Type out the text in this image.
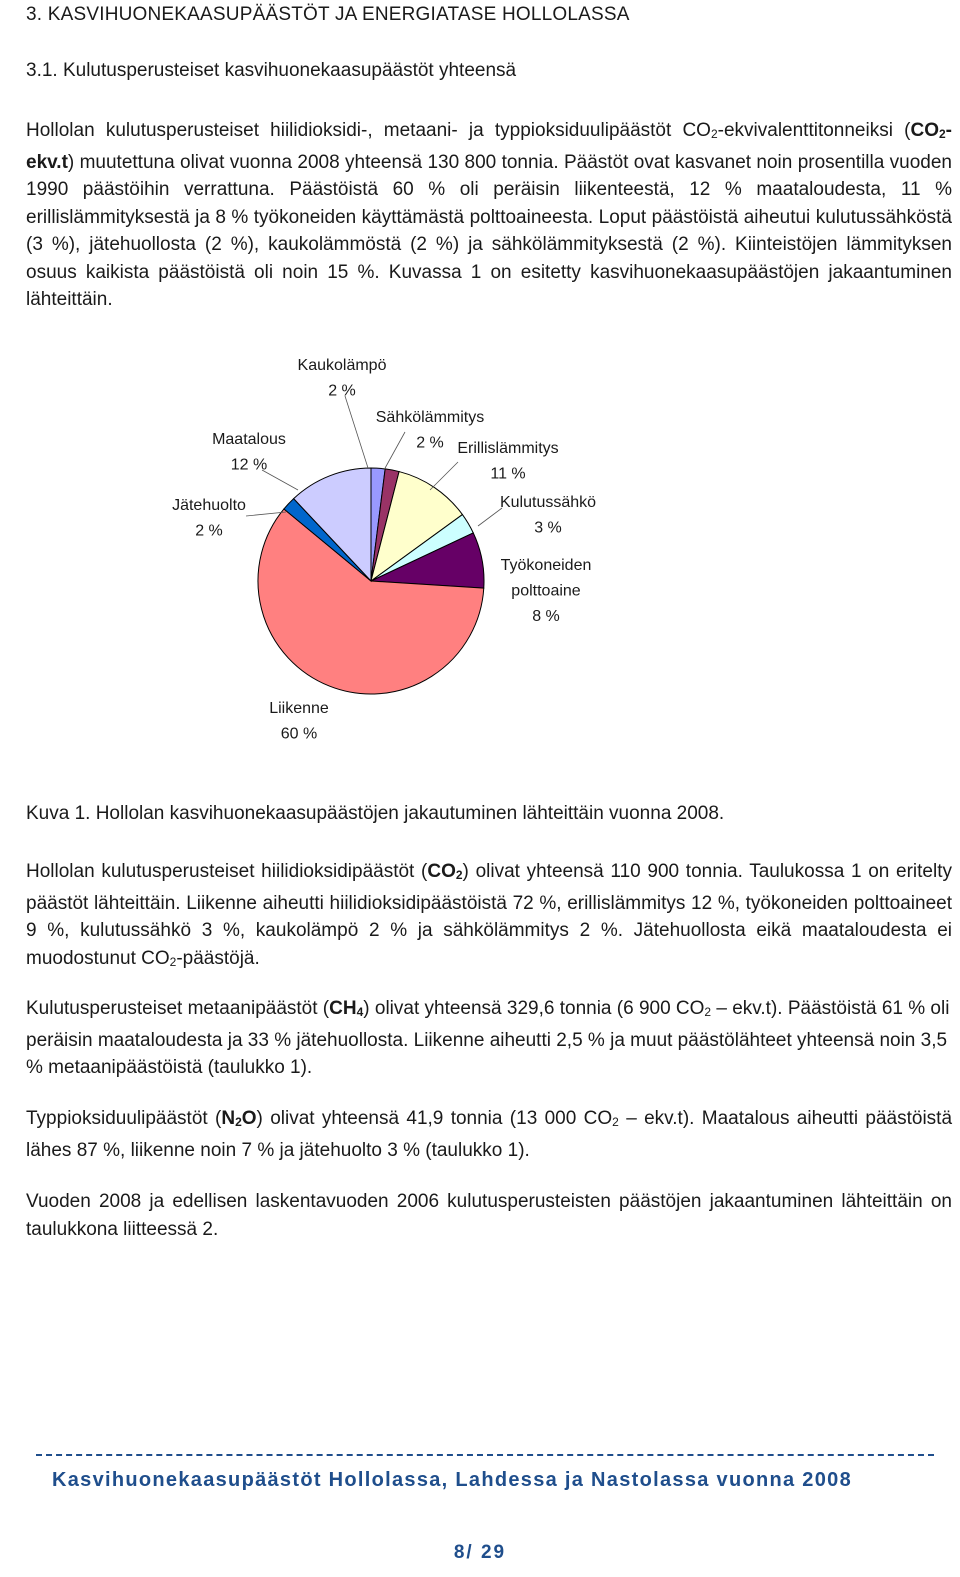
3. KASVIHUONEKAASUPÄÄSTÖT JA ENERGIATASE HOLLOLASSA
3.1. Kulutusperusteiset kasvihuonekaasupäästöt yhteensä

Hollolan kulutusperusteiset hiilidioksidi-, metaani- ja typpioksiduulipäästöt $CO_2$-ekvivalenttitonneiksi $(CO_2-ekv.t)$ muutettuna olivat vuonna 2008 yhteensä 130 800 tonnia. Päästöt ovat kasvanet noin prosentilla vuoden 1990 päästöihin verrattuna. Päästöistä 60 % oli peräisin liikenteestä, 12 % maataloudesta, 11 % erillislämmityksestä ja 8 % työkoneiden käyttämästä polttoaineesta. Loput päästöistä aiheutui kulutussähköstä (3 %), jätehuollosta (2 %), kaukolämmöstä (2 %) ja sähkölämmityksestä (2 %). Kiinteistöjen lämmityksen osuus kaikista päästöistä oli noin 15 %. Kuvassa 1 on esitetty kasvihuonekaasupäästöjen jakaantuminen lähteittäin.

Kaukolämpö 2 %
Sähkölämmitys 2 % Erillislämmitys 11 %
Kulutussähkö 3 %
Työkoneiden polttoaine 8 %
Liikenne 60 %
Jätehuolto 2 %
Maatalous 12 %
Kuva 1. Hollolan kasvihuonekaasupäästöjen jakautuminen lähteittäin vuonna 2008.

Hollolan kulutusperusteiset hiilidioksidipäästöt $(CO_2)$ olivat yhteensä 110 900 tonnia. Taulukossa 1 on eritelty päästöt lähteittäin. Liikenne aiheutti hiilidioksidipäästöistä 72 %, erillislämmitys 12 %, työkoneiden polttoaineet 9 %, kulutussähkö 3 %, kaukolämpö 2 % ja sähkölämmitys 2 %. Jätehuollosta eikä maataloudesta ei muodostunut $CO_2$-päästöjä.

Kulutusperusteiset metaanipäästöt $(CH_4)$ olivat yhteensä 329,6 tonnia (6 900 $CO_2 - ekv.t$). Päästöistä 61 % oli peräisin maataloudesta ja 33 % jätehuollosta. Liikenne aiheutti 2,5 % ja muut päästölähteet yhteensä noin 3,5 % metaanipäästöistä (taulukko 1).

Typpioksiduulipäästöt $(N_2O)$ olivat yhteensä 41,9 tonnia (13 000 $CO_2 - ekv.t$). Maatalous aiheutti päästöistä lähes 87 %, liikenne noin 7 % ja jätehuolto 3 % (taulukko 1).

Vuoden 2008 ja edellisen laskentavuoden 2006 kulutusperusteisten päästöjen jakaantuminen lähteittäin on taulukkona liitteessä 2.

Kasvihuonekaasupäästöt Hollolassa, Lahdessa ja Nastolassa vuonna 2008
8/ 29
